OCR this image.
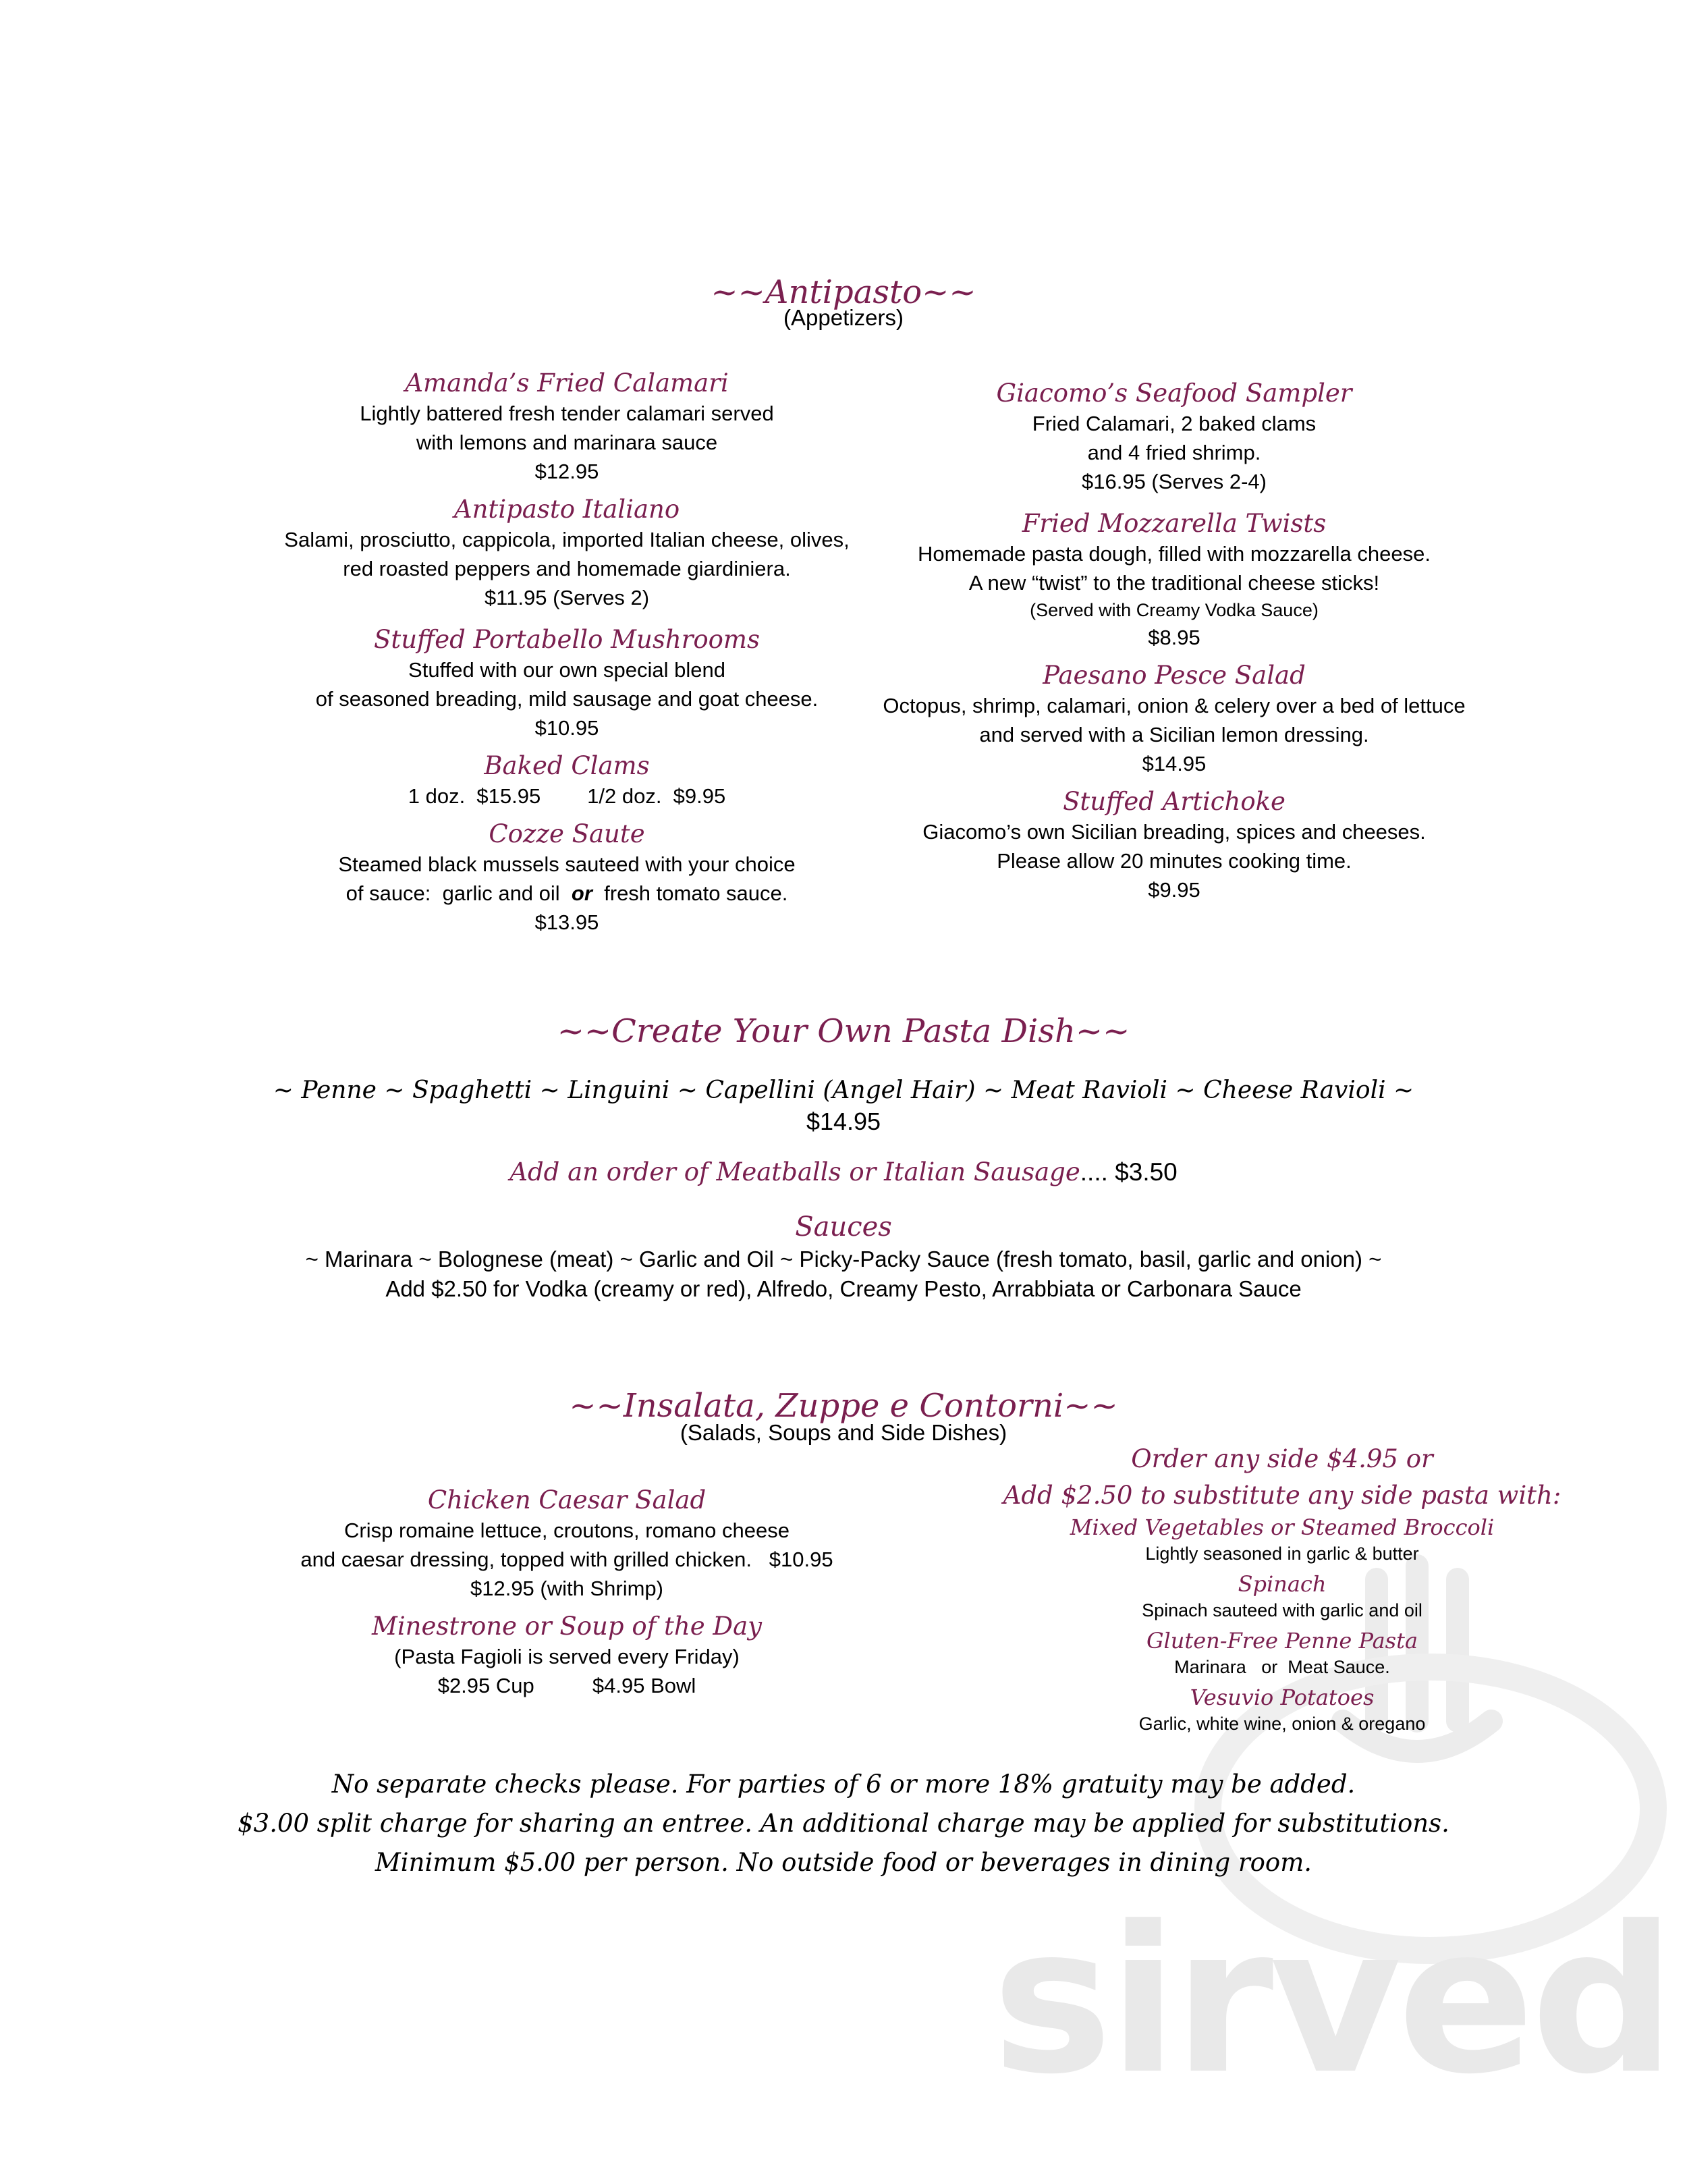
sirved
~~Antipasto~~
(Appetizers)
Amanda’s Fried Calamari
Lightly battered fresh tender calamari served
with lemons and marinara sauce
$12.95
Antipasto Italiano
Salami, prosciutto, cappicola, imported Italian cheese, olives,
red roasted peppers and homemade giardiniera.
$11.95 (Serves 2)
Stuffed Portabello Mushrooms
Stuffed with our own special blend
of seasoned breading, mild sausage and goat cheese.
$10.95
Baked Clams
1 doz.  $15.95        1/2 doz.  $9.95
Cozze Saute
Steamed black mussels sauteed with your choice
of sauce:  garlic and oil  or  fresh tomato sauce.
$13.95
Giacomo’s Seafood Sampler
Fried Calamari, 2 baked clams
and 4 fried shrimp.
$16.95 (Serves 2-4)
Fried Mozzarella Twists
Homemade pasta dough, filled with mozzarella cheese.
A new “twist” to the traditional cheese sticks!
(Served with Creamy Vodka Sauce)
$8.95
Paesano Pesce Salad
Octopus, shrimp, calamari, onion & celery over a bed of lettuce
and served with a Sicilian lemon dressing.
$14.95
Stuffed Artichoke
Giacomo’s own Sicilian breading, spices and cheeses.
Please allow 20 minutes cooking time.
$9.95
~~Create Your Own Pasta Dish~~
~ Penne ~ Spaghetti ~ Linguini ~ Capellini (Angel Hair) ~ Meat Ravioli ~ Cheese Ravioli ~
$14.95
Add an order of Meatballs or Italian Sausage.... $3.50
Sauces
~ Marinara ~ Bolognese (meat) ~ Garlic and Oil ~ Picky-Packy Sauce (fresh tomato, basil, garlic and onion) ~
Add $2.50 for Vodka (creamy or red), Alfredo, Creamy Pesto, Arrabbiata or Carbonara Sauce
~~Insalata, Zuppe e Contorni~~
(Salads, Soups and Side Dishes)
Chicken Caesar Salad
Crisp romaine lettuce, croutons, romano cheese
and caesar dressing, topped with grilled chicken.   $10.95
$12.95 (with Shrimp)
Minestrone or Soup of the Day
(Pasta Fagioli is served every Friday)
$2.95 Cup          $4.95 Bowl
Order any side $4.95 or
Add $2.50 to substitute any side pasta with:
Mixed Vegetables or Steamed Broccoli
Lightly seasoned in garlic & butter
Spinach
Spinach sauteed with garlic and oil
Gluten-Free Penne Pasta
Marinara   or  Meat Sauce.
Vesuvio Potatoes
Garlic, white wine, onion & oregano
No separate checks please. For parties of 6 or more 18% gratuity may be added.
$3.00 split charge for sharing an entree. An additional charge may be applied for substitutions.
Minimum $5.00 per person. No outside food or beverages in dining room.
